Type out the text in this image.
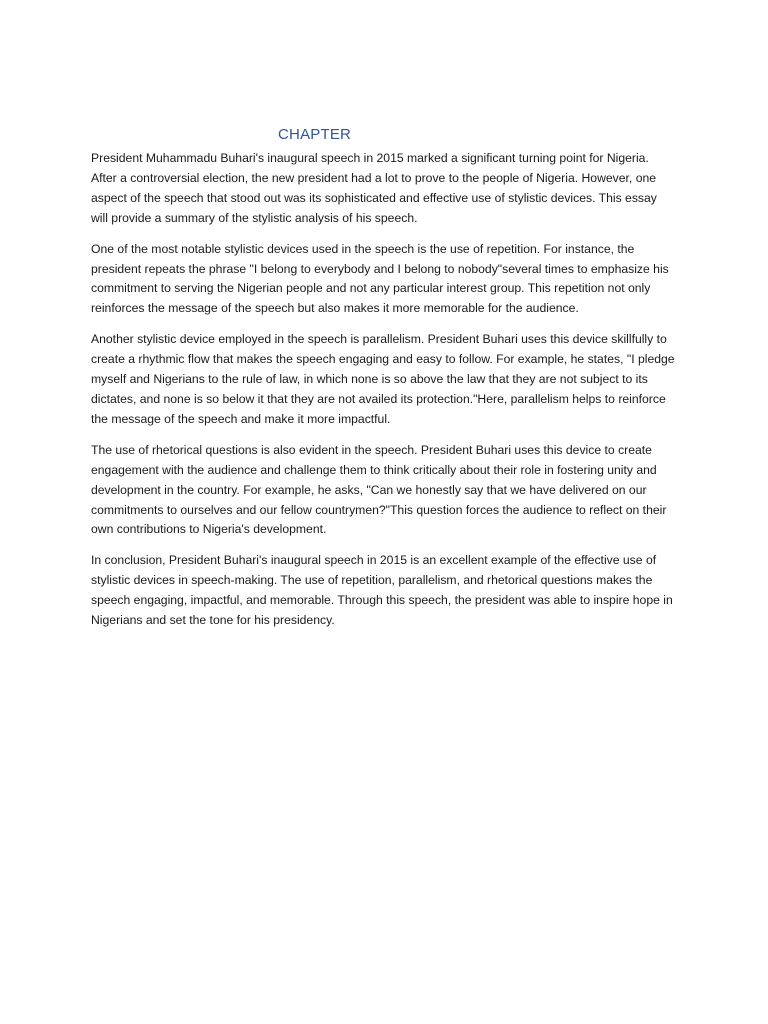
CHAPTER

President Muhammadu Buhari's inaugural speech in 2015 marked a significant turning point for Nigeria. After a controversial election, the new president had a lot to prove to the people of Nigeria. However, one aspect of the speech that stood out was its sophisticated and effective use of stylistic devices. This essay will provide a summary of the stylistic analysis of his speech.

One of the most notable stylistic devices used in the speech is the use of repetition. For instance, the president repeats the phrase "I belong to everybody and I belong to nobody"several times to emphasize his commitment to serving the Nigerian people and not any particular interest group. This repetition not only reinforces the message of the speech but also makes it more memorable for the audience.

Another stylistic device employed in the speech is parallelism. President Buhari uses this device skillfully to create a rhythmic flow that makes the speech engaging and easy to follow. For example, he states, "I pledge myself and Nigerians to the rule of law, in which none is so above the law that they are not subject to its dictates, and none is so below it that they are not availed its protection."Here, parallelism helps to reinforce the message of the speech and make it more impactful.

The use of rhetorical questions is also evident in the speech. President Buhari uses this device to create engagement with the audience and challenge them to think critically about their role in fostering unity and development in the country. For example, he asks, "Can we honestly say that we have delivered on our commitments to ourselves and our fellow countrymen?"This question forces the audience to reflect on their own contributions to Nigeria's development.

In conclusion, President Buhari's inaugural speech in 2015 is an excellent example of the effective use of stylistic devices in speech-making. The use of repetition, parallelism, and rhetorical questions makes the speech engaging, impactful, and memorable. Through this speech, the president was able to inspire hope in Nigerians and set the tone for his presidency.
